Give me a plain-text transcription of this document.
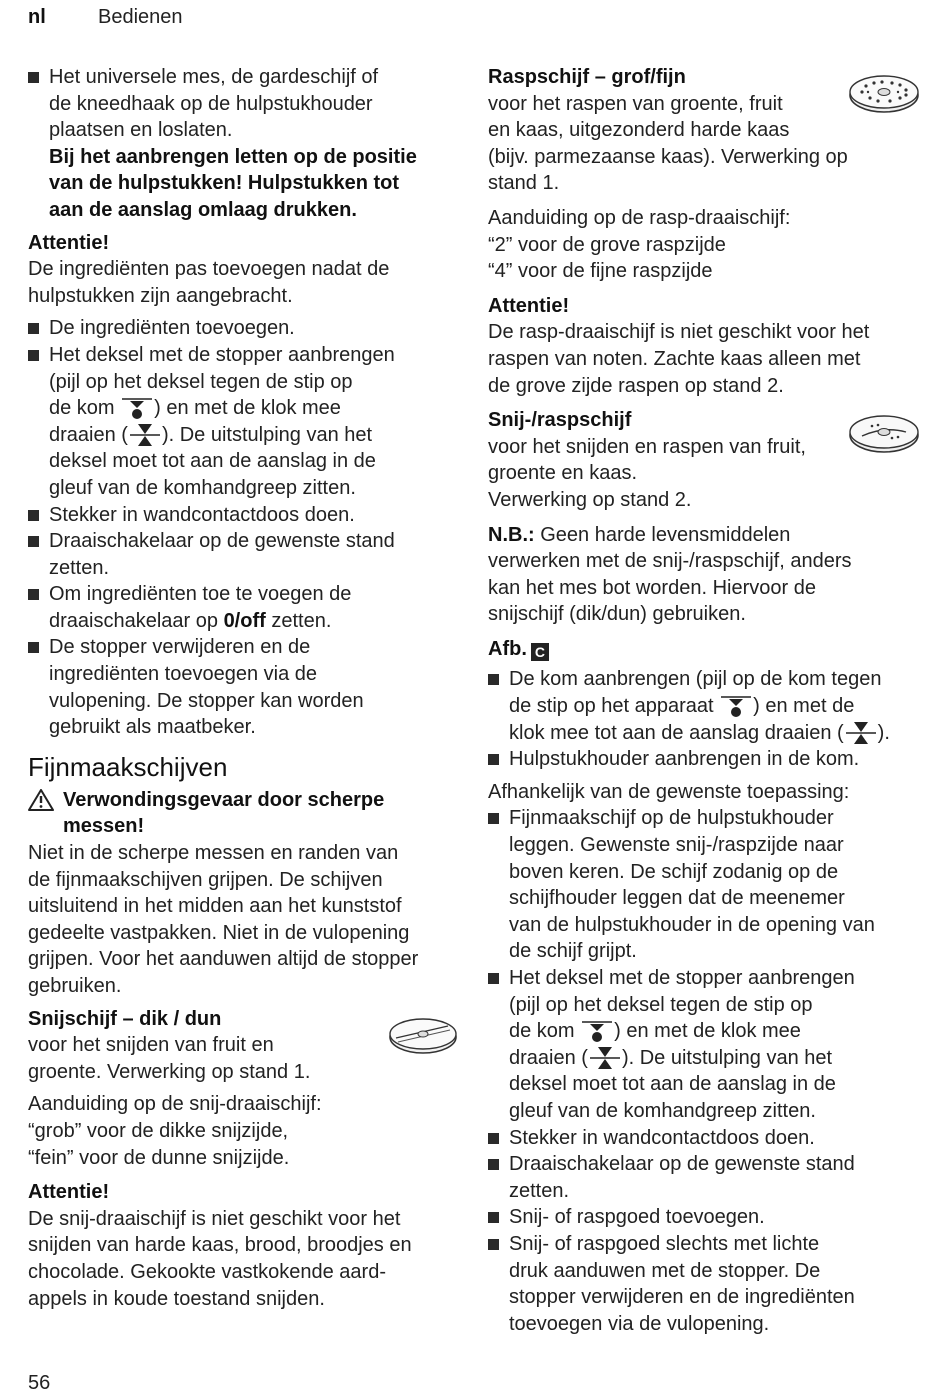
nl	Bedienen

Het universele mes, de gardeschijf of

de kneedhaak op de hulpstukhouder

plaatsen en loslaten.

Bij het aanbrengen letten op de positie

van de hulpstukken! Hulpstukken tot

aan de aanslag omlaag drukken.

Attentie!

De ingrediënten pas toevoegen nadat de

hulpstukken zijn aangebracht.

De ingrediënten toevoegen.

Het deksel met de stopper aanbrengen

(pijl op het deksel tegen de stip op

de kom ) en met de klok mee

draaien ( ). De uitstulping van het

deksel moet tot aan de aanslag in de

gleuf van de komhandgreep zitten.

Stekker in wandcontactdoos doen.

Draaischakelaar op de gewenste stand

zetten.

Om ingrediënten toe te voegen de

draaischakelaar op 0/off zetten.

De stopper verwijderen en de

ingrediënten toevoegen via de

vulopening. De stopper kan worden

gebruikt als maatbeker.

Fijnmaakschijven

Verwondingsgevaar door scherpe

messen!

Niet in de scherpe messen en randen van

de fijnmaakschijven grijpen. De schijven

uitsluitend in het midden aan het kunststof

gedeelte vastpakken. Niet in de vulopening

grijpen. Voor het aanduwen altijd de stopper

gebruiken.

Snijschijf – dik / dun

voor het snijden van fruit en

groente. Verwerking op stand 1.

Aanduiding op de snij-draaischijf:

“grob” voor de dikke snijzijde,

“fein” voor de dunne snijzijde.

Attentie!

De snij-draaischijf is niet geschikt voor het

snijden van harde kaas, brood, broodjes en

chocolade. Gekookte vastkokende aard-

appels in koude toestand snijden.

Raspschijf – grof/fijn

voor het raspen van groente, fruit

en kaas, uitgezonderd harde kaas

(bijv. parmezaanse kaas). Verwerking op

stand 1.

Aanduiding op de rasp-draaischijf:

“2” voor de grove raspzijde

“4” voor de fijne raspzijde

Attentie!

De rasp-draaischijf is niet geschikt voor het

raspen van noten. Zachte kaas alleen met

de grove zijde raspen op stand 2.

Snij-/raspschijf

voor het snijden en raspen van fruit,

groente en kaas.

Verwerking op stand 2.

N.B.: Geen harde levensmiddelen

verwerken met de snij-/raspschijf, anders

kan het mes bot worden. Hiervoor de

snijschijf (dik/dun) gebruiken.

Afb. C

De kom aanbrengen (pijl op de kom tegen

de stip op het apparaat ) en met de

klok mee tot aan de aanslag draaien ( ).

Hulpstukhouder aanbrengen in de kom.

Afhankelijk van de gewenste toepassing:

Fijnmaakschijf op de hulpstukhouder

leggen. Gewenste snij-/raspzijde naar

boven keren. De schijf zodanig op de

schijfhouder leggen dat de meenemer

van de hulpstukhouder in de opening van

de schijf grijpt.

Het deksel met de stopper aanbrengen

(pijl op het deksel tegen de stip op

de kom ) en met de klok mee

draaien ( ). De uitstulping van het

deksel moet tot aan de aanslag in de

gleuf van de komhandgreep zitten.

Stekker in wandcontactdoos doen.

Draaischakelaar op de gewenste stand

zetten.

Snij- of raspgoed toevoegen.

Snij- of raspgoed slechts met lichte

druk aanduwen met de stopper. De

stopper verwijderen en de ingrediënten

toevoegen via de vulopening.

56
